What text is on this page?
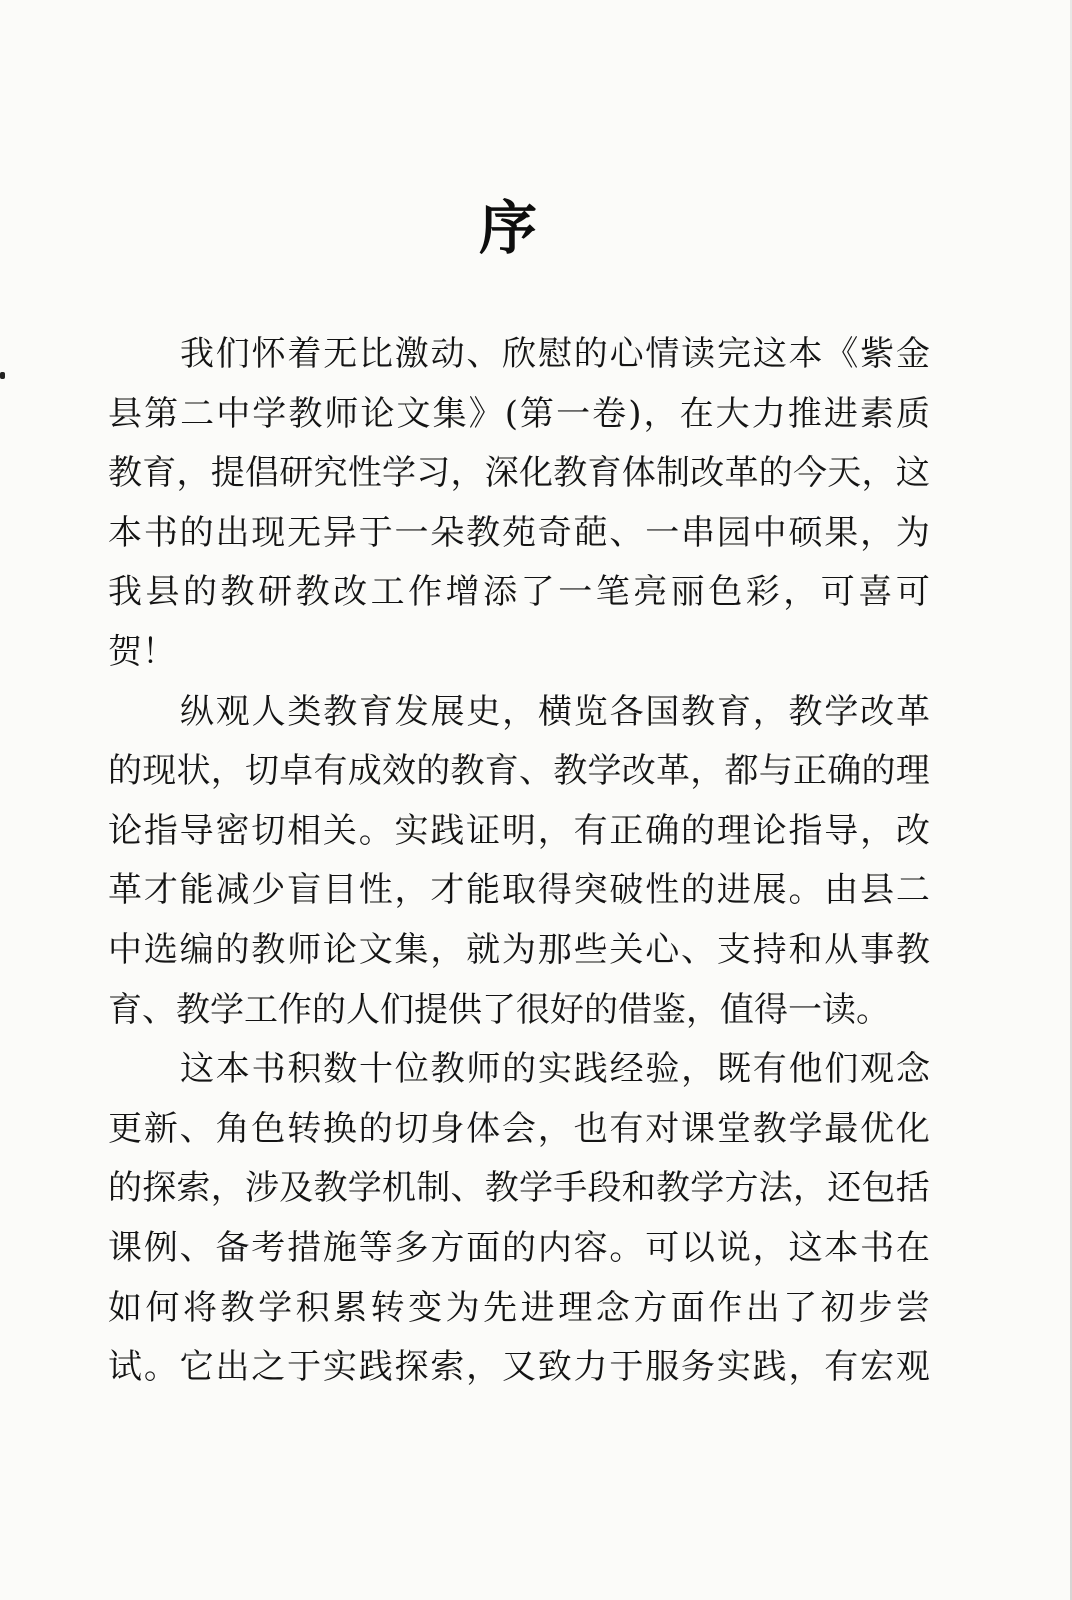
序
我 们 怀 着 无 比 激 动 、 欣 慰 的 心 情 读 完 这 本 《 紫 金
县 第 二 中 学 教 师 论 文 集 》 ( 第 一 卷 ) ， 在 大 力 推 进 素 质
教 育 ， 提 倡 研 究 性 学 习 ， 深 化 教 育 体 制 改 革 的 今 天 ， 这
本 书 的 出 现 无 异 于 一 朵 教 苑 奇 葩 、 一 串 园 中 硕 果 ， 为
我 县 的 教 研 教 改 工 作 增 添 了 一 笔 亮 丽 色 彩 ， 可 喜 可
贺！
纵 观 人 类 教 育 发 展 史 ， 横 览 各 国 教 育 ， 教 学 改 革
的 现 状 ， 切 卓 有 成 效 的 教 育 、 教 学 改 革 ， 都 与 正 确 的 理
论 指 导 密 切 相 关 。 实 践 证 明 ， 有 正 确 的 理 论 指 导 ， 改
革 才 能 减 少 盲 目 性 ， 才 能 取 得 突 破 性 的 进 展 。 由 县 二
中 选 编 的 教 师 论 文 集 ， 就 为 那 些 关 心 、 支 持 和 从 事 教
育、教学工作的人们提供了很好的借鉴，值得一读。
这 本 书 积 数 十 位 教 师 的 实 践 经 验 ， 既 有 他 们 观 念
更 新 、 角 色 转 换 的 切 身 体 会 ， 也 有 对 课 堂 教 学 最 优 化
的 探 索 ， 涉 及 教 学 机 制 、 教 学 手 段 和 教 学 方 法 ， 还 包 括
课 例 、 备 考 措 施 等 多 方 面 的 内 容 。 可 以 说 ， 这 本 书 在
如 何 将 教 学 积 累 转 变 为 先 进 理 念 方 面 作 出 了 初 步 尝
试 。 它 出 之 于 实 践 探 索 ， 又 致 力 于 服 务 实 践 ， 有 宏 观
